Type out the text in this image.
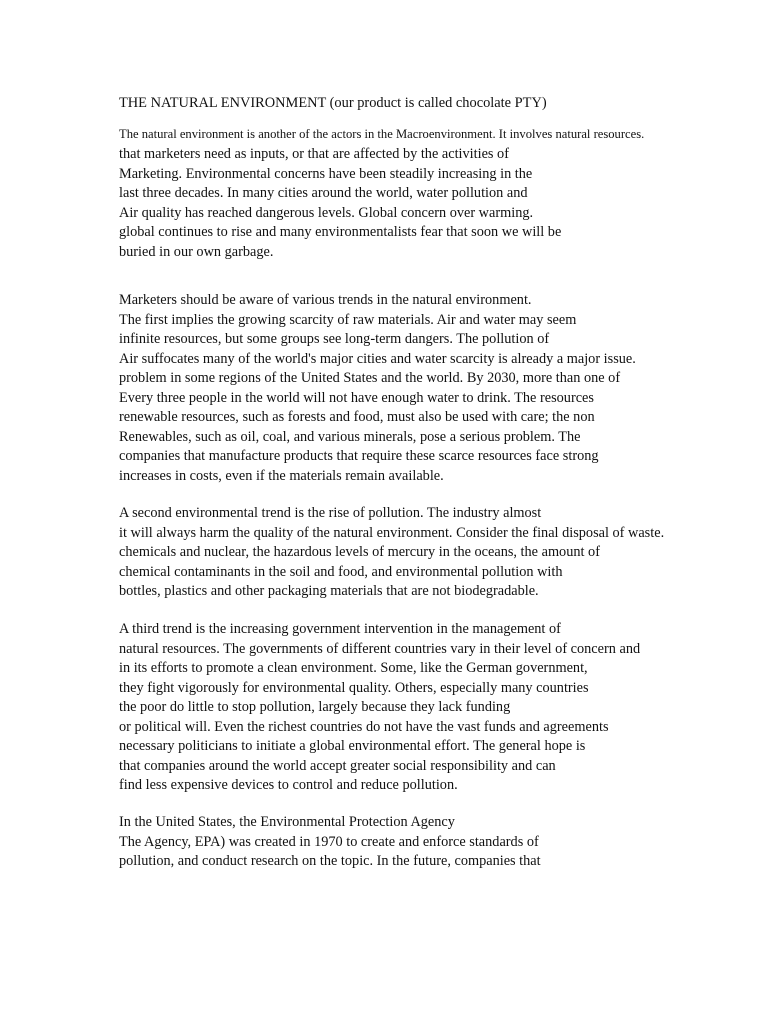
THE NATURAL ENVIRONMENT (our product is called chocolate PTY)
The natural environment is another of the actors in the Macroenvironment. It involves natural resources.
that marketers need as inputs, or that are affected by the activities of
Marketing. Environmental concerns have been steadily increasing in the
last three decades. In many cities around the world, water pollution and
Air quality has reached dangerous levels. Global concern over warming.
global continues to rise and many environmentalists fear that soon we will be
buried in our own garbage.
Marketers should be aware of various trends in the natural environment.
The first implies the growing scarcity of raw materials. Air and water may seem
infinite resources, but some groups see long-term dangers. The pollution of
Air suffocates many of the world's major cities and water scarcity is already a major issue.
problem in some regions of the United States and the world. By 2030, more than one of
Every three people in the world will not have enough water to drink. The resources
renewable resources, such as forests and food, must also be used with care; the non
Renewables, such as oil, coal, and various minerals, pose a serious problem. The
companies that manufacture products that require these scarce resources face strong
increases in costs, even if the materials remain available.
A second environmental trend is the rise of pollution. The industry almost
it will always harm the quality of the natural environment. Consider the final disposal of waste.
chemicals and nuclear, the hazardous levels of mercury in the oceans, the amount of
chemical contaminants in the soil and food, and environmental pollution with
bottles, plastics and other packaging materials that are not biodegradable.
A third trend is the increasing government intervention in the management of
natural resources. The governments of different countries vary in their level of concern and
in its efforts to promote a clean environment. Some, like the German government,
they fight vigorously for environmental quality. Others, especially many countries
the poor do little to stop pollution, largely because they lack funding
or political will. Even the richest countries do not have the vast funds and agreements
necessary politicians to initiate a global environmental effort. The general hope is
that companies around the world accept greater social responsibility and can
find less expensive devices to control and reduce pollution.
In the United States, the Environmental Protection Agency
The Agency, EPA) was created in 1970 to create and enforce standards of
pollution, and conduct research on the topic. In the future, companies that
